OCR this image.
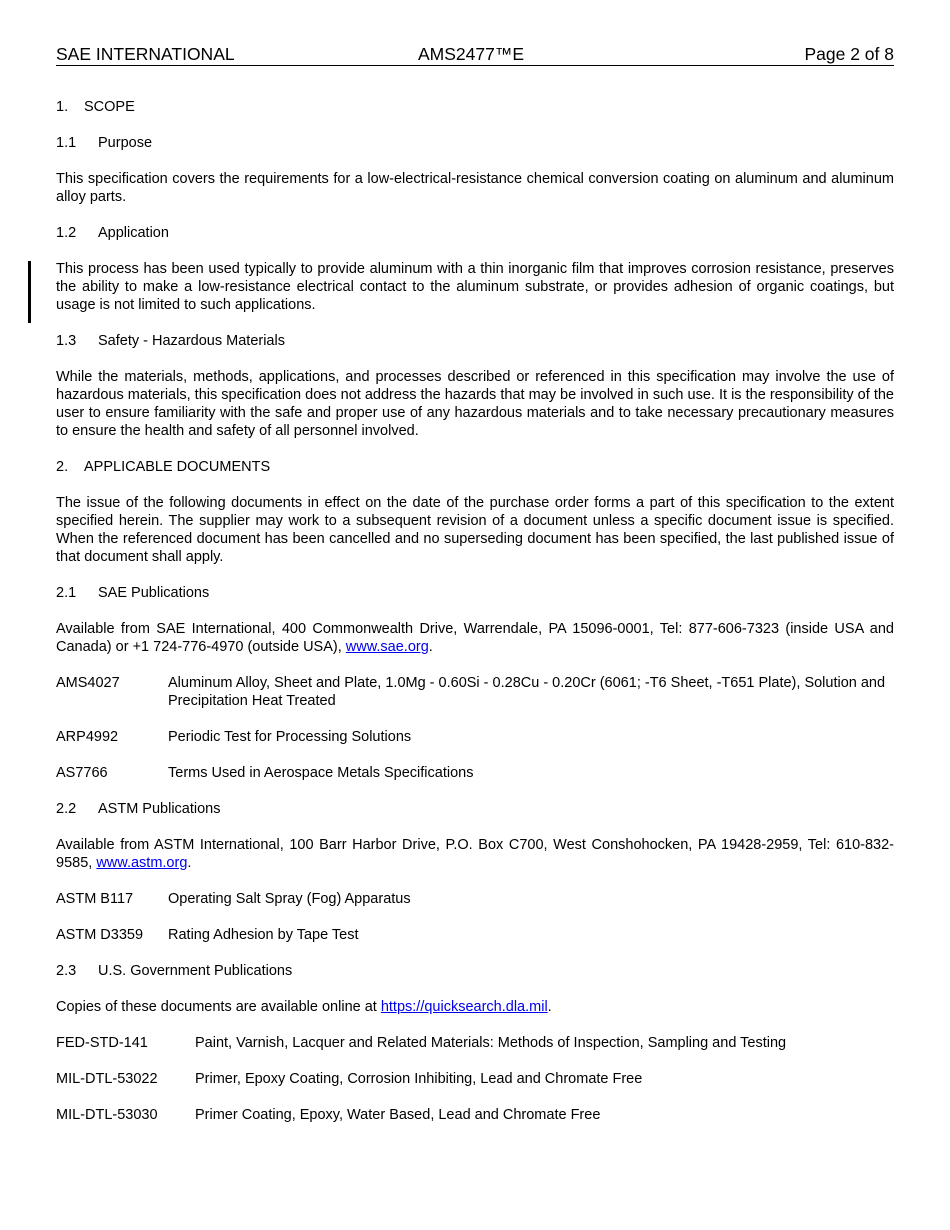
SAE INTERNATIONAL	AMS2477™E	Page 2 of 8
1. SCOPE
1.1 Purpose

This specification covers the requirements for a low-electrical-resistance chemical conversion coating on aluminum and aluminum alloy parts.

1.2 Application

This process has been used typically to provide aluminum with a thin inorganic film that improves corrosion resistance, preserves the ability to make a low-resistance electrical contact to the aluminum substrate, or provides adhesion of organic coatings, but usage is not limited to such applications.

1.3 Safety - Hazardous Materials

While the materials, methods, applications, and processes described or referenced in this specification may involve the use of hazardous materials, this specification does not address the hazards that may be involved in such use. It is the responsibility of the user to ensure familiarity with the safe and proper use of any hazardous materials and to take necessary precautionary measures to ensure the health and safety of all personnel involved.

2. APPLICABLE DOCUMENTS

The issue of the following documents in effect on the date of the purchase order forms a part of this specification to the extent specified herein. The supplier may work to a subsequent revision of a document unless a specific document issue is specified. When the referenced document has been cancelled and no superseding document has been specified, the last published issue of that document shall apply.

2.1 SAE Publications

Available from SAE International, 400 Commonwealth Drive, Warrendale, PA 15096-0001, Tel: 877-606-7323 (inside USA and Canada) or +1 724-776-4970 (outside USA), www.sae.org.

AMS4027	Aluminum Alloy, Sheet and Plate, 1.0Mg - 0.60Si - 0.28Cu - 0.20Cr (6061; -T6 Sheet, -T651 Plate), Solution and Precipitation Heat Treated
ARP4992	Periodic Test for Processing Solutions
AS7766	Terms Used in Aerospace Metals Specifications
2.2 ASTM Publications

Available from ASTM International, 100 Barr Harbor Drive, P.O. Box C700, West Conshohocken, PA 19428-2959, Tel: 610-832-9585, www.astm.org.

ASTM B117	Operating Salt Spray (Fog) Apparatus
ASTM D3359	Rating Adhesion by Tape Test
2.3 U.S. Government Publications

Copies of these documents are available online at https://quicksearch.dla.mil.

FED-STD-141	Paint, Varnish, Lacquer and Related Materials: Methods of Inspection, Sampling and Testing
MIL-DTL-53022	Primer, Epoxy Coating, Corrosion Inhibiting, Lead and Chromate Free
MIL-DTL-53030	Primer Coating, Epoxy, Water Based, Lead and Chromate Free
